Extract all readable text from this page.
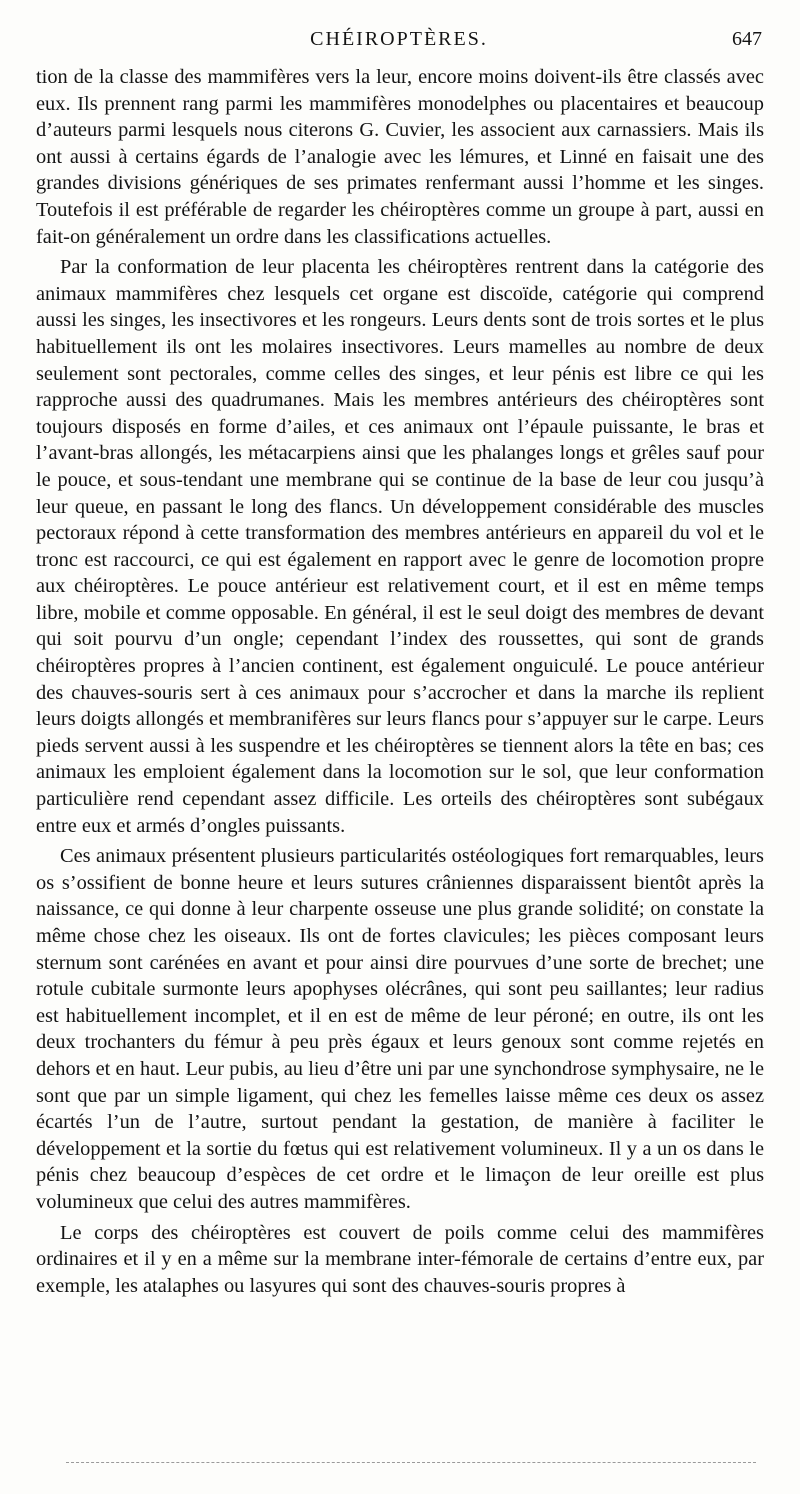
CHÉIROPTÈRES.	647

tion de la classe des mammifères vers la leur, encore moins doivent-ils être classés avec eux. Ils prennent rang parmi les mammifères monodelphes ou placentaires et beaucoup d’auteurs parmi lesquels nous citerons G. Cuvier, les associent aux carnassiers. Mais ils ont aussi à certains égards de l’analogie avec les lémures, et Linné en faisait une des grandes divisions génériques de ses primates renfermant aussi l’homme et les singes. Toutefois il est préférable de regarder les chéiroptères comme un groupe à part, aussi en fait-on généralement un ordre dans les classifications actuelles.

Par la conformation de leur placenta les chéiroptères rentrent dans la catégorie des animaux mammifères chez lesquels cet organe est discoïde, catégorie qui comprend aussi les singes, les insectivores et les rongeurs. Leurs dents sont de trois sortes et le plus habituellement ils ont les molaires insectivores. Leurs mamelles au nombre de deux seulement sont pectorales, comme celles des singes, et leur pénis est libre ce qui les rapproche aussi des quadrumanes. Mais les membres antérieurs des chéiroptères sont toujours disposés en forme d’ailes, et ces animaux ont l’épaule puissante, le bras et l’avant-bras allongés, les métacarpiens ainsi que les phalanges longs et grêles sauf pour le pouce, et sous-tendant une membrane qui se continue de la base de leur cou jusqu’à leur queue, en passant le long des flancs. Un développement considérable des muscles pectoraux répond à cette transformation des membres antérieurs en appareil du vol et le tronc est raccourci, ce qui est également en rapport avec le genre de locomotion propre aux chéiroptères. Le pouce antérieur est relativement court, et il est en même temps libre, mobile et comme opposable. En général, il est le seul doigt des membres de devant qui soit pourvu d’un ongle; cependant l’index des roussettes, qui sont de grands chéiroptères propres à l’ancien continent, est également onguiculé. Le pouce antérieur des chauves-souris sert à ces animaux pour s’accrocher et dans la marche ils replient leurs doigts allongés et membranifères sur leurs flancs pour s’appuyer sur le carpe. Leurs pieds servent aussi à les suspendre et les chéiroptères se tiennent alors la tête en bas; ces animaux les emploient également dans la locomotion sur le sol, que leur conformation particulière rend cependant assez difficile. Les orteils des chéiroptères sont subégaux entre eux et armés d’ongles puissants.

Ces animaux présentent plusieurs particularités ostéologiques fort remarquables, leurs os s’ossifient de bonne heure et leurs sutures crâniennes disparaissent bientôt après la naissance, ce qui donne à leur charpente osseuse une plus grande solidité; on constate la même chose chez les oiseaux. Ils ont de fortes clavicules; les pièces composant leurs sternum sont carénées en avant et pour ainsi dire pourvues d’une sorte de brechet; une rotule cubitale surmonte leurs apophyses olécrânes, qui sont peu saillantes; leur radius est habituellement incomplet, et il en est de même de leur péroné; en outre, ils ont les deux trochanters du fémur à peu près égaux et leurs genoux sont comme rejetés en dehors et en haut. Leur pubis, au lieu d’être uni par une synchondrose symphysaire, ne le sont que par un simple ligament, qui chez les femelles laisse même ces deux os assez écartés l’un de l’autre, surtout pendant la gestation, de manière à faciliter le développement et la sortie du fœtus qui est relativement volumineux. Il y a un os dans le pénis chez beaucoup d’espèces de cet ordre et le limaçon de leur oreille est plus volumineux que celui des autres mammifères.

Le corps des chéiroptères est couvert de poils comme celui des mammifères ordinaires et il y en a même sur la membrane inter-fémorale de certains d’entre eux, par exemple, les atalaphes ou lasyures qui sont des chauves-souris propres à
